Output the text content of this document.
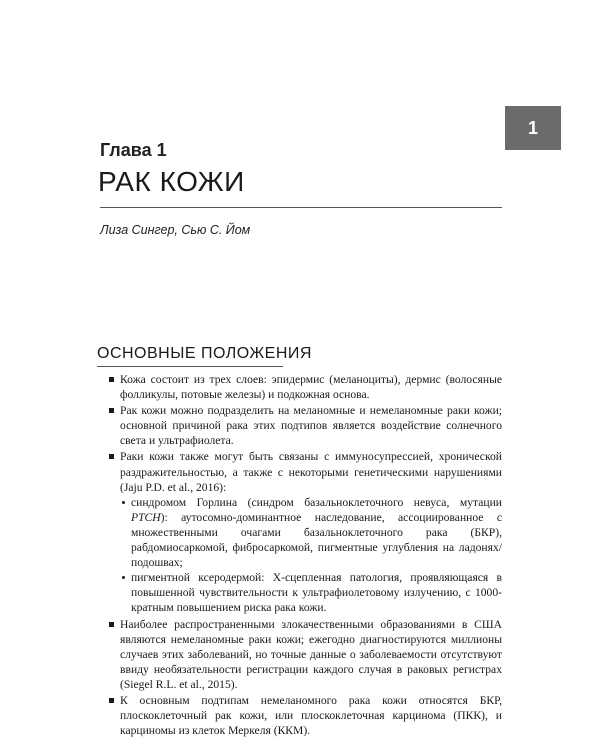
1
Глава 1
РАК КОЖИ
Лиза Сингер, Сью С. Йом
ОСНОВНЫЕ ПОЛОЖЕНИЯ
Кожа состоит из трех слоев: эпидермис (меланоциты), дермис (волосяные фолликулы, потовые железы) и подкожная основа.
Рак кожи можно подразделить на меланомные и немеланомные раки кожи; основной причиной рака этих подтипов является воздействие солнечного света и ультрафиолета.
Раки кожи также могут быть связаны с иммуносупрессией, хронической раздражительностью, а также с некоторыми генетическими нарушениями (Jaju P.D. et al., 2016):
синдромом Горлина (синдром базальноклеточного невуса, мутации PTCH): аутосомно-доминантное наследование, ассоциированное с множественными очагами базальноклеточного рака (БКР), рабдомиосаркомой, фибросаркомой, пигментные углубления на ладонях/подошвах;
пигментной ксеродермой: Х-сцепленная патология, проявляющаяся в повышенной чувствительности к ультрафиолетовому излучению, с 1000-кратным повышением риска рака кожи.
Наиболее распространенными злокачественными образованиями в США являются немеланомные раки кожи; ежегодно диагностируются миллионы случаев этих заболеваний, но точные данные о заболеваемости отсутствуют ввиду необязательности регистрации каждого случая в раковых регистрах (Siegel R.L. et al., 2015).
К основным подтипам немеланомного рака кожи относятся БКР, плоскоклеточный рак кожи, или плоскоклеточная карцинома (ПКК), и карциномы из клеток Меркеля (ККМ).
